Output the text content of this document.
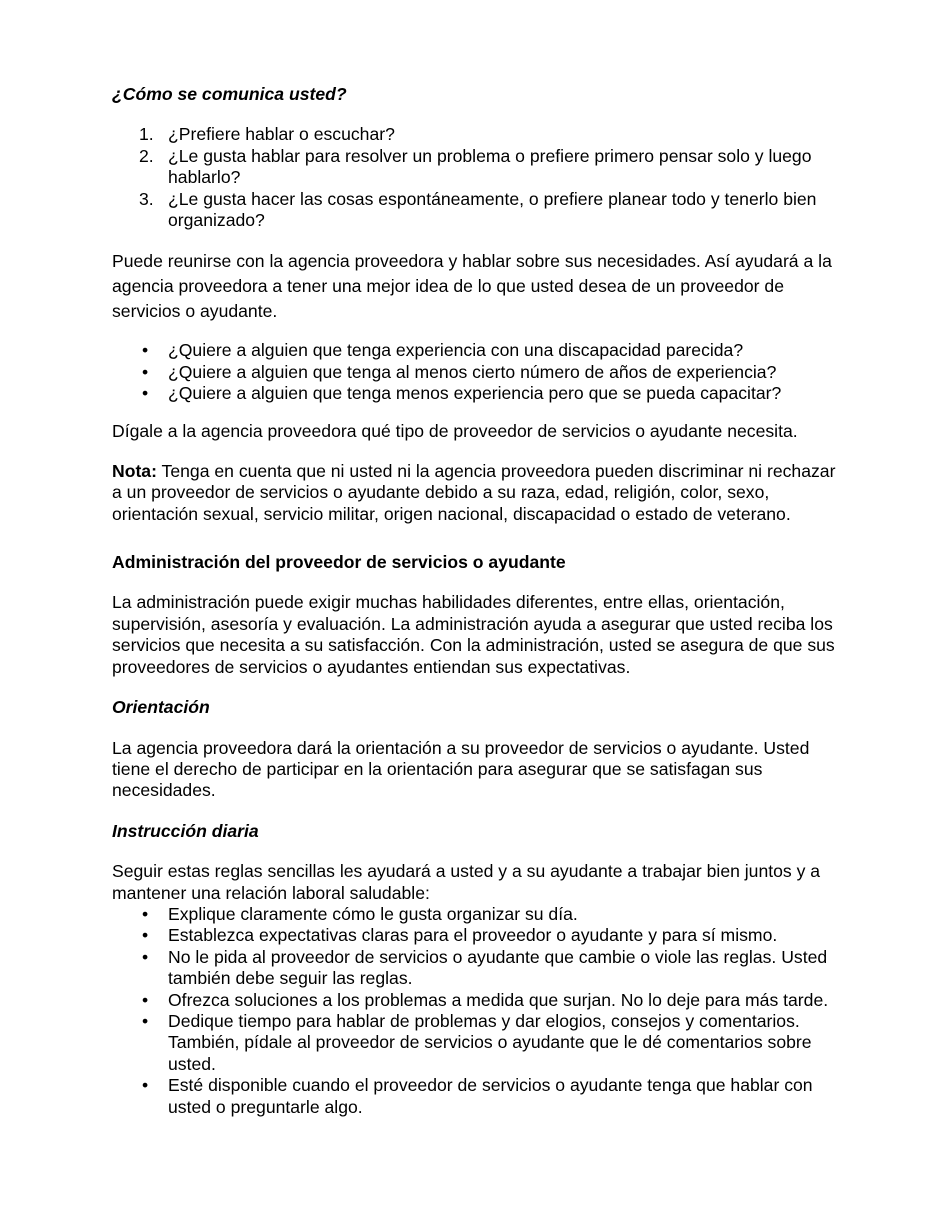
¿Cómo se comunica usted?
1. ¿Prefiere hablar o escuchar?
2. ¿Le gusta hablar para resolver un problema o prefiere primero pensar solo y luego hablarlo?
3. ¿Le gusta hacer las cosas espontáneamente, o prefiere planear todo y tenerlo bien organizado?

Puede reunirse con la agencia proveedora y hablar sobre sus necesidades. Así ayudará a la agencia proveedora a tener una mejor idea de lo que usted desea de un proveedor de servicios o ayudante.

• ¿Quiere a alguien que tenga experiencia con una discapacidad parecida?
• ¿Quiere a alguien que tenga al menos cierto número de años de experiencia?
• ¿Quiere a alguien que tenga menos experiencia pero que se pueda capacitar?

Dígale a la agencia proveedora qué tipo de proveedor de servicios o ayudante necesita.

Nota: Tenga en cuenta que ni usted ni la agencia proveedora pueden discriminar ni rechazar a un proveedor de servicios o ayudante debido a su raza, edad, religión, color, sexo, orientación sexual, servicio militar, origen nacional, discapacidad o estado de veterano.

Administración del proveedor de servicios o ayudante

La administración puede exigir muchas habilidades diferentes, entre ellas, orientación, supervisión, asesoría y evaluación. La administración ayuda a asegurar que usted reciba los servicios que necesita a su satisfacción. Con la administración, usted se asegura de que sus proveedores de servicios o ayudantes entiendan sus expectativas.

Orientación

La agencia proveedora dará la orientación a su proveedor de servicios o ayudante. Usted tiene el derecho de participar en la orientación para asegurar que se satisfagan sus necesidades.

Instrucción diaria

Seguir estas reglas sencillas les ayudará a usted y a su ayudante a trabajar bien juntos y a mantener una relación laboral saludable:

• Explique claramente cómo le gusta organizar su día.
• Establezca expectativas claras para el proveedor o ayudante y para sí mismo.
• No le pida al proveedor de servicios o ayudante que cambie o viole las reglas. Usted también debe seguir las reglas.
• Ofrezca soluciones a los problemas a medida que surjan. No lo deje para más tarde.
• Dedique tiempo para hablar de problemas y dar elogios, consejos y comentarios. También, pídale al proveedor de servicios o ayudante que le dé comentarios sobre usted.
• Esté disponible cuando el proveedor de servicios o ayudante tenga que hablar con usted o preguntarle algo.
